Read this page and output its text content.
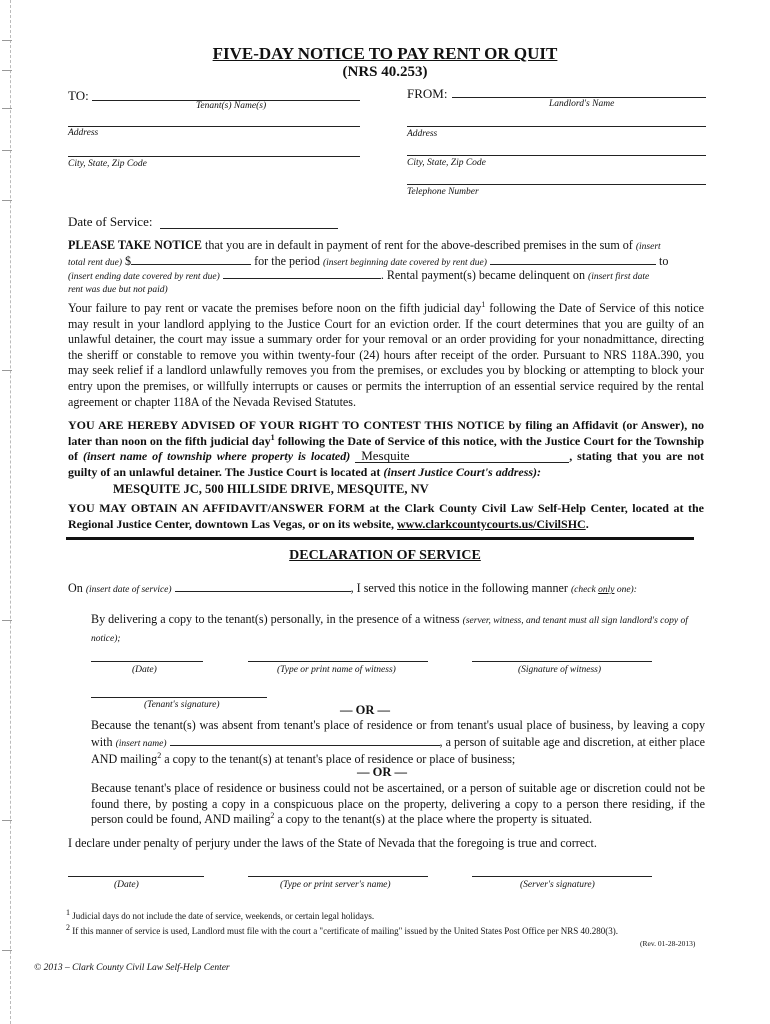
FIVE-DAY NOTICE TO PAY RENT OR QUIT
(NRS 40.253)
TO:
Tenant(s) Name(s)
FROM:
Landlord's Name
Address	Address
City, State, Zip Code	City, State, Zip Code
Telephone Number
Date of Service:
PLEASE TAKE NOTICE that you are in default in payment of rent for the above-described premises in the sum of (insert
total rent due) $	for the period (insert beginning date covered by rent due)	to
(insert ending date covered by rent due)	. Rental payment(s) became delinquent on (insert first date
rent was due but not paid)
Your failure to pay rent or vacate the premises before noon on the fifth judicial day$^1$ following the Date of Service of this notice may result in your landlord applying to the Justice Court for an eviction order. If the court determines that you are guilty of an unlawful detainer, the court may issue a summary order for your removal or an order providing for your nonadmittance, directing the sheriff or constable to remove you within twenty-four (24) hours after receipt of the order. Pursuant to NRS 118A.390, you may seek relief if a landlord unlawfully removes you from the premises, or excludes you by blocking or attempting to block your entry upon the premises, or willfully interrupts or causes or permits the interruption of an essential service required by the rental agreement or chapter 118A of the Nevada Revised Statutes.
YOU ARE HEREBY ADVISED OF YOUR RIGHT TO CONTEST THIS NOTICE by filing an Affidavit (or Answer), no later than noon on the fifth judicial day$^1$ following the Date of Service of this notice, with the Justice Court for the Township of (insert name of township where property is located) Mesquite	, stating that you are not guilty of an unlawful detainer. The Justice Court is located at (insert Justice Court's address):
MESQUITE JC, 500 HILLSIDE DRIVE, MESQUITE, NV
YOU MAY OBTAIN AN AFFIDAVIT/ANSWER FORM at the Clark County Civil Law Self-Help Center, located at the Regional Justice Center, downtown Las Vegas, or on its website, www.clarkcountycourts.us/CivilSHC.
DECLARATION OF SERVICE
On (insert date of service)	, I served this notice in the following manner (check only one):
By delivering a copy to the tenant(s) personally, in the presence of a witness (server, witness, and tenant must all sign landlord's copy of notice);
(Date)	(Type or print name of witness)	(Signature of witness)
(Tenant's signature)	— OR —
Because the tenant(s) was absent from tenant's place of residence or from tenant's usual place of business, by leaving a copy with (insert name)	, a person of suitable age and discretion, at either place AND mailing$^2$ a copy to the tenant(s) at tenant's place of residence or place of business;
— OR —
Because tenant's place of residence or business could not be ascertained, or a person of suitable age or discretion could not be found there, by posting a copy in a conspicuous place on the property, delivering a copy to a person there residing, if the person could be found, AND mailing$^2$ a copy to the tenant(s) at the place where the property is situated.
I declare under penalty of perjury under the laws of the State of Nevada that the foregoing is true and correct.
(Date)	(Type or print server's name)	(Server's signature)
1 Judicial days do not include the date of service, weekends, or certain legal holidays.
2 If this manner of service is used, Landlord must file with the court a "certificate of mailing" issued by the United States Post Office per NRS 40.280(3).
(Rev. 01-28-2013)
© 2013 – Clark County Civil Law Self-Help Center
